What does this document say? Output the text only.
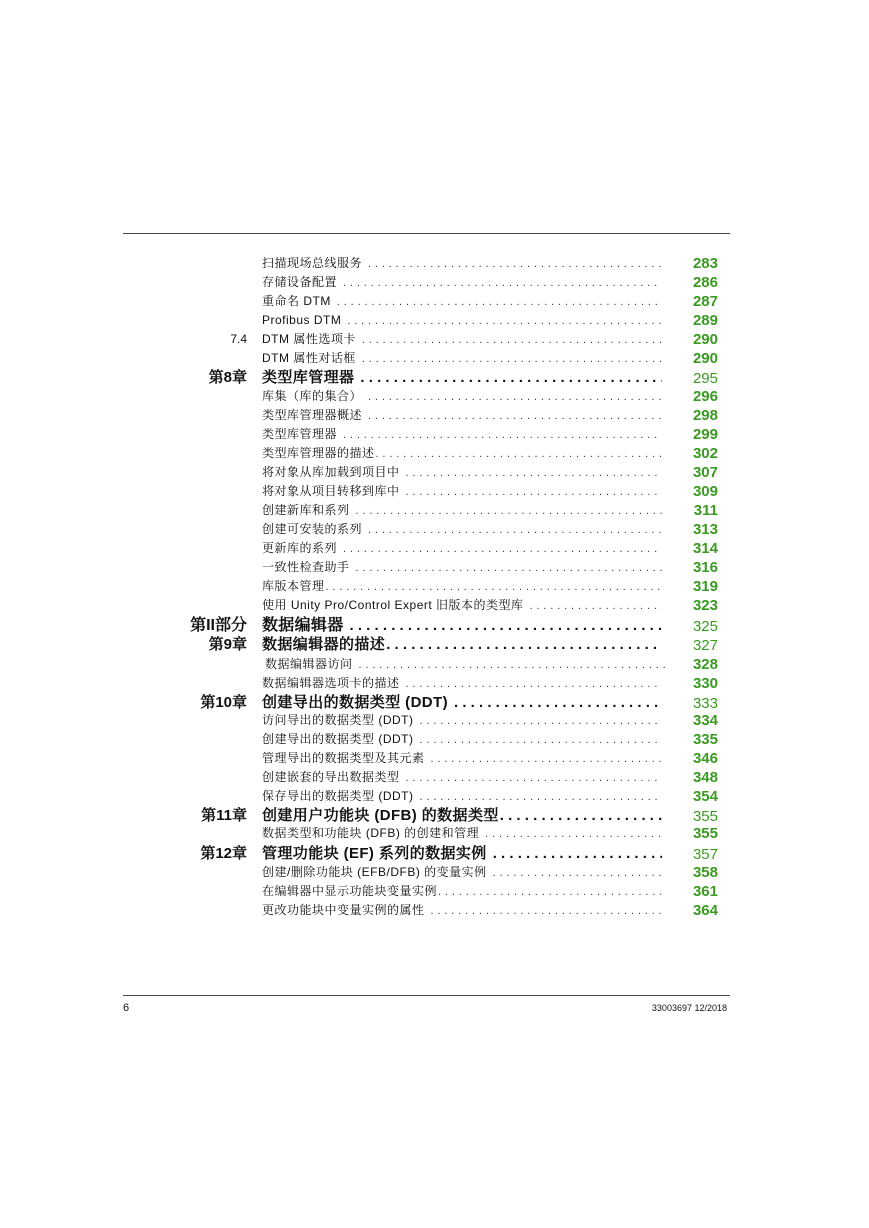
扫描现场总线服务 . . .	283
存储设备配置 . . .	286
重命名 DTM . . .	287
Profibus DTM . . .	289
7.4 DTM 属性选项卡 . . .	290
DTM 属性对话框 . . .	290
第8章 类型库管理器 . . .	295
库集（库的集合） . . .	296
类型库管理器概述 . . .	298
类型库管理器 . . .	299
类型库管理器的描述 . . .	302
将对象从库加载到项目中 . . .	307
将对象从项目转移到库中 . . .	309
创建新库和系列 . . .	311
创建可安装的系列 . . .	313
更新库的系列 . . .	314
一致性检查助手 . . .	316
库版本管理 . . .	319
使用 Unity Pro/Control Expert 旧版本的类型库 . . .	323
第II部分 数据编辑器 . . .	325
第9章 数据编辑器的描述 . . .	327
数据编辑器访问 . . .	328
数据编辑器选项卡的描述 . . .	330
第10章 创建导出的数据类型 (DDT) . . .	333
访问导出的数据类型 (DDT) . . .	334
创建导出的数据类型 (DDT) . . .	335
管理导出的数据类型及其元素 . . .	346
创建嵌套的导出数据类型 . . .	348
保存导出的数据类型 (DDT) . . .	354
第11章 创建用户功能块 (DFB) 的数据类型 . . .	355
数据类型和功能块 (DFB) 的创建和管理 . . .	355
第12章 管理功能块 (EF) 系列的数据实例 . . .	357
创建/删除功能块 (EFB/DFB) 的变量实例 . . .	358
在编辑器中显示功能块变量实例 . . .	361
更改功能块中变量实例的属性 . . .	364
6	33003697 12/2018
